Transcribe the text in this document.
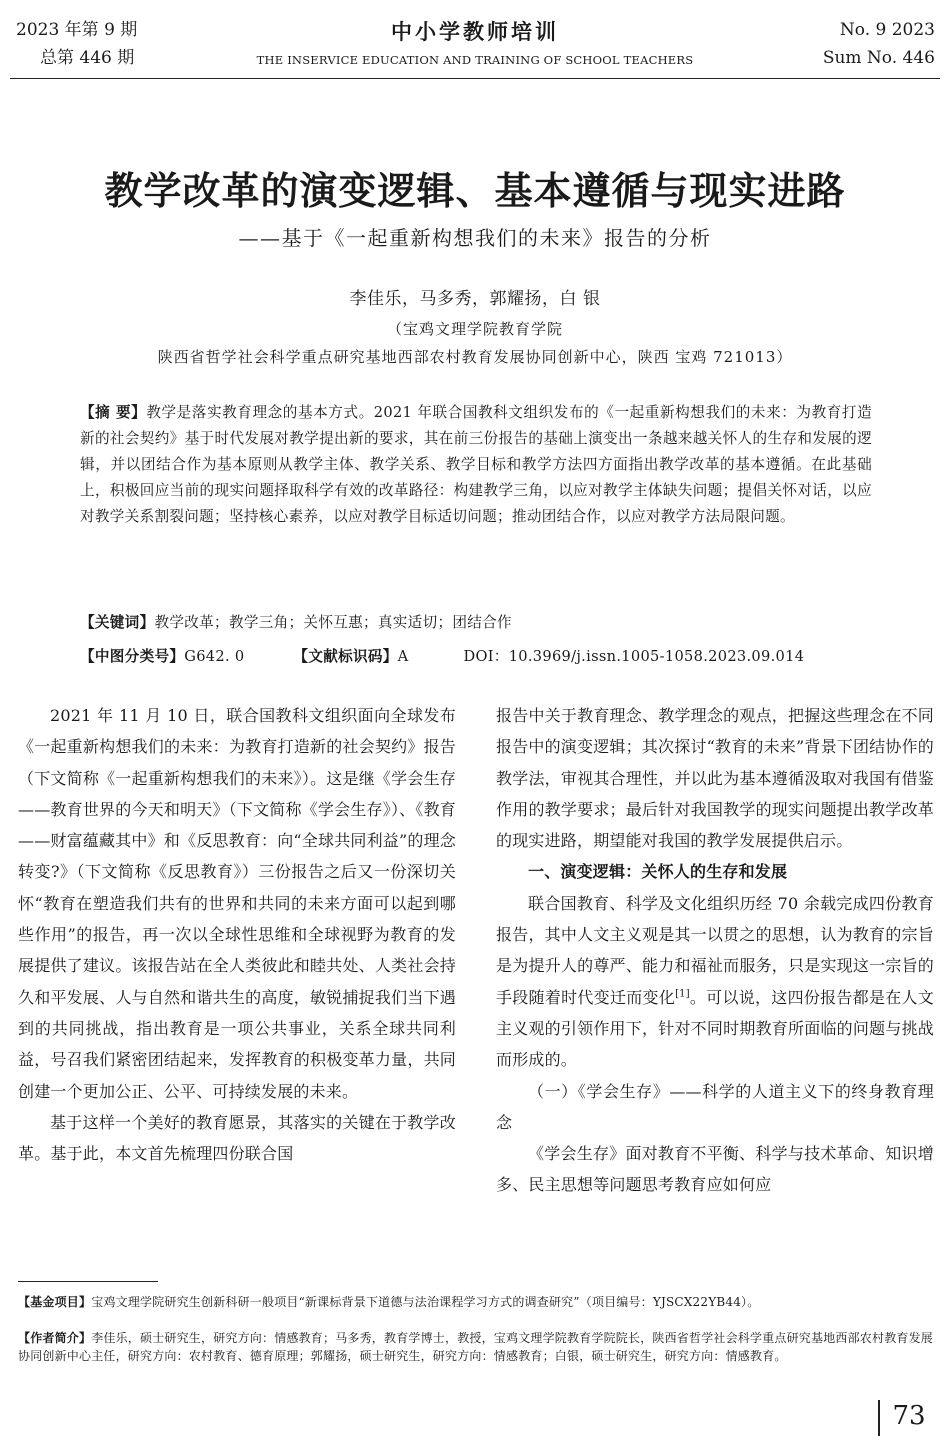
2023 年第 9 期
总第 446 期
中小学教师培训
THE INSERVICE EDUCATION AND TRAINING OF SCHOOL TEACHERS
No. 9 2023
Sum No. 446
教学改革的演变逻辑、基本遵循与现实进路
——基于《一起重新构想我们的未来》报告的分析
李佳乐，马多秀，郭耀扬，白 银
（宝鸡文理学院教育学院
陕西省哲学社会科学重点研究基地西部农村教育发展协同创新中心，陕西 宝鸡 721013）
【摘 要】教学是落实教育理念的基本方式。2021 年联合国教科文组织发布的《一起重新构想我们的未来：为教育打造新的社会契约》基于时代发展对教学提出新的要求，其在前三份报告的基础上演变出一条越来越关怀人的生存和发展的逻辑，并以团结合作为基本原则从教学主体、教学关系、教学目标和教学方法四方面指出教学改革的基本遵循。在此基础上，积极回应当前的现实问题择取科学有效的改革路径：构建教学三角，以应对教学主体缺失问题；提倡关怀对话，以应对教学关系割裂问题；坚持核心素养，以应对教学目标适切问题；推动团结合作，以应对教学方法局限问题。
【关键词】教学改革；教学三角；关怀互惠；真实适切；团结合作
【中图分类号】G642. 0	【文献标识码】A	DOI：10.3969/j.issn.1005-1058.2023.09.014

2021 年 11 月 10 日，联合国教科文组织面向全球发布《一起重新构想我们的未来：为教育打造新的社会契约》报告（下文简称《一起重新构想我们的未来》）。这是继《学会生存——教育世界的今天和明天》（下文简称《学会生存》）、《教育——财富蕴藏其中》和《反思教育：向“全球共同利益”的理念转变?》（下文简称《反思教育》）三份报告之后又一份深切关怀“教育在塑造我们共有的世界和共同的未来方面可以起到哪些作用”的报告，再一次以全球性思维和全球视野为教育的发展提供了建议。该报告站在全人类彼此和睦共处、人类社会持久和平发展、人与自然和谐共生的高度，敏锐捕捉我们当下遇到的共同挑战，指出教育是一项公共事业，关系全球共同利益，号召我们紧密团结起来，发挥教育的积极变革力量，共同创建一个更加公正、公平、可持续发展的未来。

基于这样一个美好的教育愿景，其落实的关键在于教学改革。基于此，本文首先梳理四份联合国

报告中关于教育理念、教学理念的观点，把握这些理念在不同报告中的演变逻辑；其次探讨“教育的未来”背景下团结协作的教学法，审视其合理性，并以此为基本遵循汲取对我国有借鉴作用的教学要求；最后针对我国教学的现实问题提出教学改革的现实进路，期望能对我国的教学发展提供启示。

一、演变逻辑：关怀人的生存和发展

联合国教育、科学及文化组织历经 70 余载完成四份教育报告，其中人文主义观是其一以贯之的思想，认为教育的宗旨是为提升人的尊严、能力和福祉而服务，只是实现这一宗旨的手段随着时代变迁而变化[1]。可以说，这四份报告都是在人文主义观的引领作用下，针对不同时期教育所面临的问题与挑战而形成的。

（一）《学会生存》——科学的人道主义下的终身教育理念

《学会生存》面对教育不平衡、科学与技术革命、知识增多、民主思想等问题思考教育应如何应

【基金项目】宝鸡文理学院研究生创新科研一般项目“新课标背景下道德与法治课程学习方式的调查研究”（项目编号：YJSCX22YB44）。
【作者简介】李佳乐，硕士研究生，研究方向：情感教育；马多秀，教育学博士，教授，宝鸡文理学院教育学院院长，陕西省哲学社会科学重点研究基地西部农村教育发展协同创新中心主任，研究方向：农村教育、德育原理；郭耀扬，硕士研究生，研究方向：情感教育；白银，硕士研究生，研究方向：情感教育。
73
